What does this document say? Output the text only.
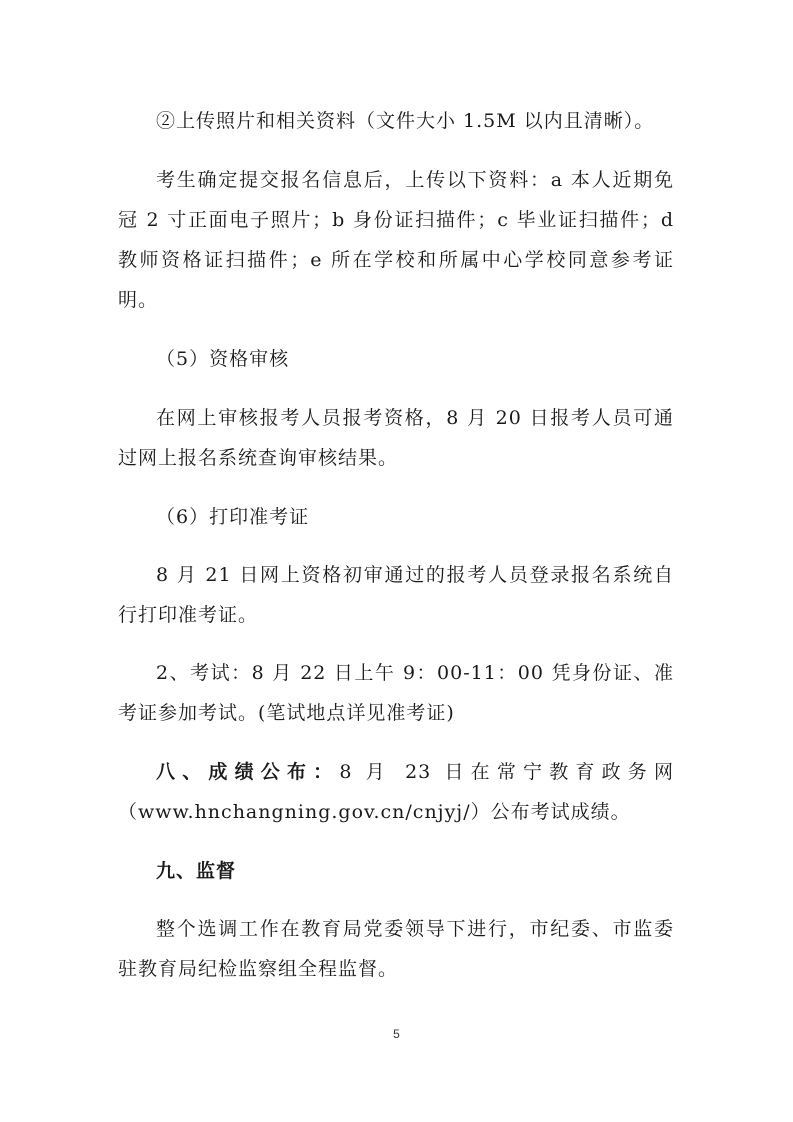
②上传照片和相关资料（文件大小 1.5M 以内且清晰）。

考生确定提交报名信息后，上传以下资料：a 本人近期免冠 2 寸正面电子照片；b 身份证扫描件；c 毕业证扫描件；d 教师资格证扫描件；e 所在学校和所属中心学校同意参考证明。

（5）资格审核

在网上审核报考人员报考资格，8 月 20 日报考人员可通过网上报名系统查询审核结果。

（6）打印准考证

8 月 21 日网上资格初审通过的报考人员登录报名系统自行打印准考证。

2、考试：8 月 22 日上午 9：00-11：00 凭身份证、准考证参加考试。(笔试地点详见准考证)

八、成绩公布：8 月 23 日在常宁教育政务网（www.hnchangning.gov.cn/cnjyj/）公布考试成绩。

九、监督

整个选调工作在教育局党委领导下进行，市纪委、市监委驻教育局纪检监察组全程监督。

5
